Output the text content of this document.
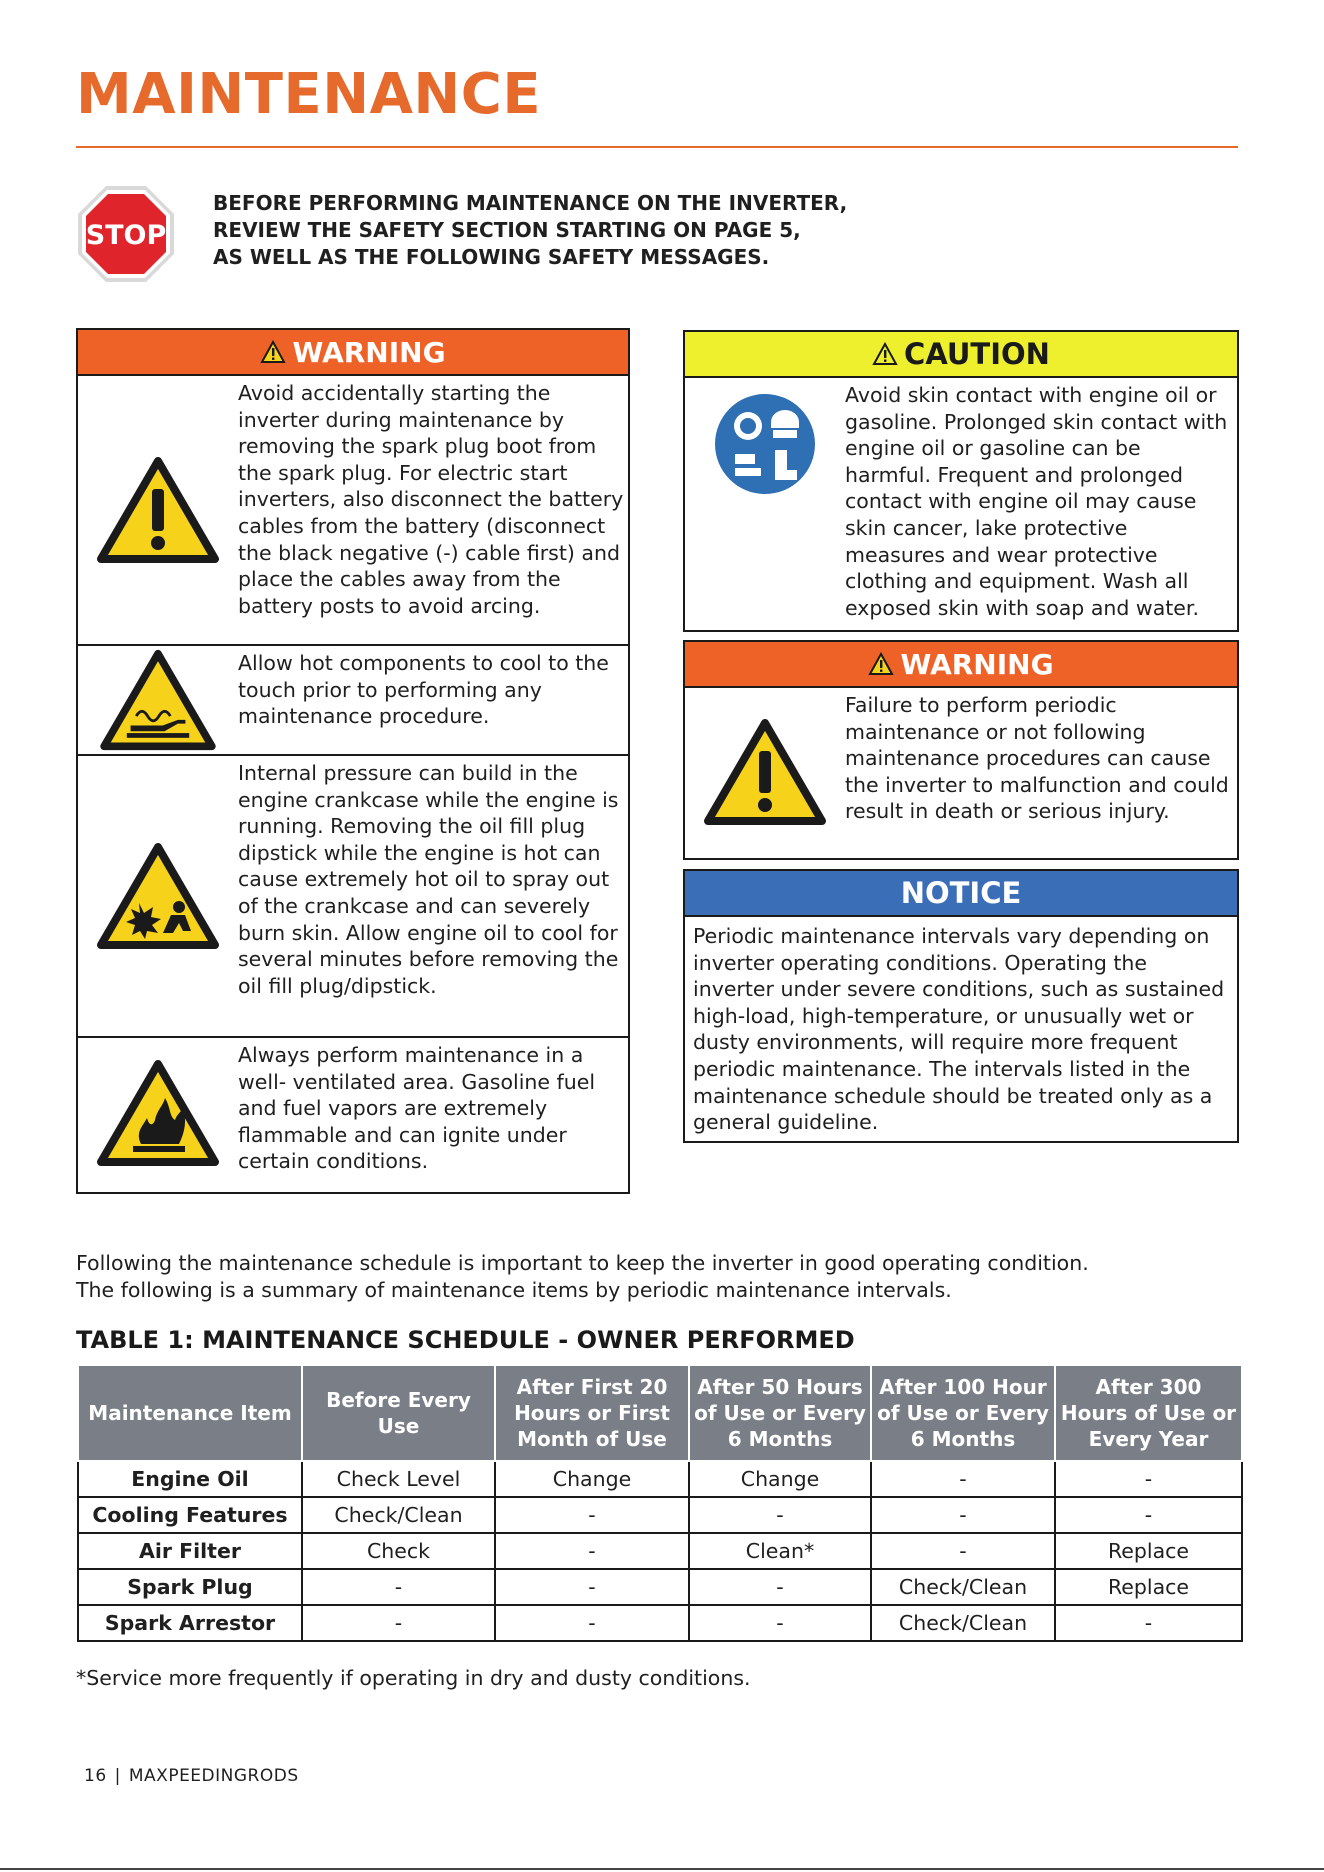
MAINTENANCE
STOP
BEFORE PERFORMING MAINTENANCE ON THE INVERTER,
REVIEW THE SAFETY SECTION STARTING ON PAGE 5,
AS WELL AS THE FOLLOWING SAFETY MESSAGES.
WARNING
Avoid accidentally starting the inverter during maintenance by removing the spark plug boot from the spark plug. For electric start inverters, also disconnect the battery cables from the battery (disconnect the black negative (-) cable first) and place the cables away from the battery posts to avoid arcing.
Allow hot components to cool to the touch prior to performing any maintenance procedure.
Internal pressure can build in the engine crankcase while the engine is running. Removing the oil fill plug dipstick while the engine is hot can cause extremely hot oil to spray out of the crankcase and can severely burn skin. Allow engine oil to cool for several minutes before removing the oil fill plug/dipstick.
Always perform maintenance in a well- ventilated area. Gasoline fuel and fuel vapors are extremely flammable and can ignite under certain conditions.
CAUTION
Avoid skin contact with engine oil or gasoline. Prolonged skin contact with engine oil or gasoline can be harmful. Frequent and prolonged contact with engine oil may cause skin cancer, lake protective measures and wear protective clothing and equipment. Wash all exposed skin with soap and water.
WARNING
Failure to perform periodic maintenance or not following maintenance procedures can cause the inverter to malfunction and could result in death or serious injury.
NOTICE
Periodic maintenance intervals vary depending on inverter operating conditions. Operating the inverter under severe conditions, such as sustained high-load, high-temperature, or unusually wet or dusty environments, will require more frequent periodic maintenance. The intervals listed in the maintenance schedule should be treated only as a general guideline.
Following the maintenance schedule is important to keep the inverter in good operating condition.
The following is a summary of maintenance items by periodic maintenance intervals.
TABLE 1: MAINTENANCE SCHEDULE - OWNER PERFORMED
Maintenance Item	Before Every Use	After First 20 Hours or First Month of Use	After 50 Hours of Use or Every 6 Months	After 100 Hour of Use or Every 6 Months	After 300 Hours of Use or Every Year
Engine Oil	Check Level	Change	Change	-	-
Cooling Features	Check/Clean	-	-	-	-
Air Filter	Check	-	Clean*	-	Replace
Spark Plug	-	-	-	Check/Clean	Replace
Spark Arrestor	-	-	-	Check/Clean	-
*Service more frequently if operating in dry and dusty conditions.
16 | MAXPEEDINGRODS
